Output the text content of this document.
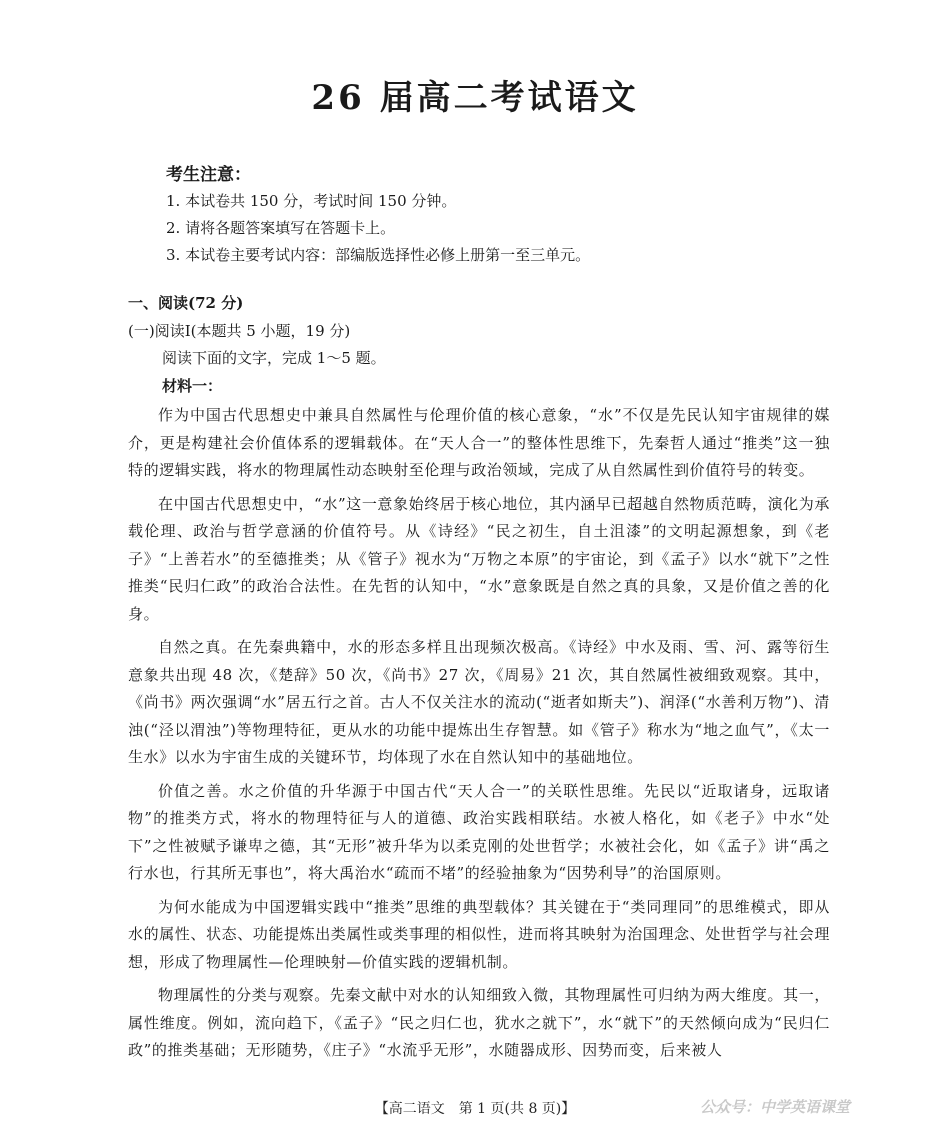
26 届高二考试语文
考生注意：
1. 本试卷共 150 分，考试时间 150 分钟。
2. 请将各题答案填写在答题卡上。
3. 本试卷主要考试内容：部编版选择性必修上册第一至三单元。
一、阅读(72 分)
(一)阅读Ⅰ(本题共 5 小题，19 分)
阅读下面的文字，完成 1～5 题。
材料一：

作为中国古代思想史中兼具自然属性与伦理价值的核心意象，“水”不仅是先民认知宇宙规律的媒介，更是构建社会价值体系的逻辑载体。在“天人合一”的整体性思维下，先秦哲人通过“推类”这一独特的逻辑实践，将水的物理属性动态映射至伦理与政治领域，完成了从自然属性到价值符号的转变。

在中国古代思想史中，“水”这一意象始终居于核心地位，其内涵早已超越自然物质范畴，演化为承载伦理、政治与哲学意涵的价值符号。从《诗经》“民之初生，自土沮漆”的文明起源想象，到《老子》“上善若水”的至德推类；从《管子》视水为“万物之本原”的宇宙论，到《孟子》以水“就下”之性推类“民归仁政”的政治合法性。在先哲的认知中，“水”意象既是自然之真的具象，又是价值之善的化身。

自然之真。在先秦典籍中，水的形态多样且出现频次极高。《诗经》中水及雨、雪、河、露等衍生意象共出现 48 次，《楚辞》50 次，《尚书》27 次，《周易》21 次，其自然属性被细致观察。其中，《尚书》两次强调“水”居五行之首。古人不仅关注水的流动(“逝者如斯夫”)、润泽(“水善利万物”)、清浊(“泾以渭浊”)等物理特征，更从水的功能中提炼出生存智慧。如《管子》称水为“地之血气”，《太一生水》以水为宇宙生成的关键环节，均体现了水在自然认知中的基础地位。

价值之善。水之价值的升华源于中国古代“天人合一”的关联性思维。先民以“近取诸身，远取诸物”的推类方式，将水的物理特征与人的道德、政治实践相联结。水被人格化，如《老子》中水“处下”之性被赋予谦卑之德，其“无形”被升华为以柔克刚的处世哲学；水被社会化，如《孟子》讲“禹之行水也，行其所无事也”，将大禹治水“疏而不堵”的经验抽象为“因势利导”的治国原则。

为何水能成为中国逻辑实践中“推类”思维的典型载体？其关键在于“类同理同”的思维模式，即从水的属性、状态、功能提炼出类属性或类事理的相似性，进而将其映射为治国理念、处世哲学与社会理想，形成了物理属性—伦理映射—价值实践的逻辑机制。

物理属性的分类与观察。先秦文献中对水的认知细致入微，其物理属性可归纳为两大维度。其一，属性维度。例如，流向趋下，《孟子》“民之归仁也，犹水之就下”，水“就下”的天然倾向成为“民归仁政”的推类基础；无形随势，《庄子》“水流乎无形”，水随器成形、因势而变，后来被人

【高二语文　第 1 页(共 8 页)】	公众号：中学英语课堂
